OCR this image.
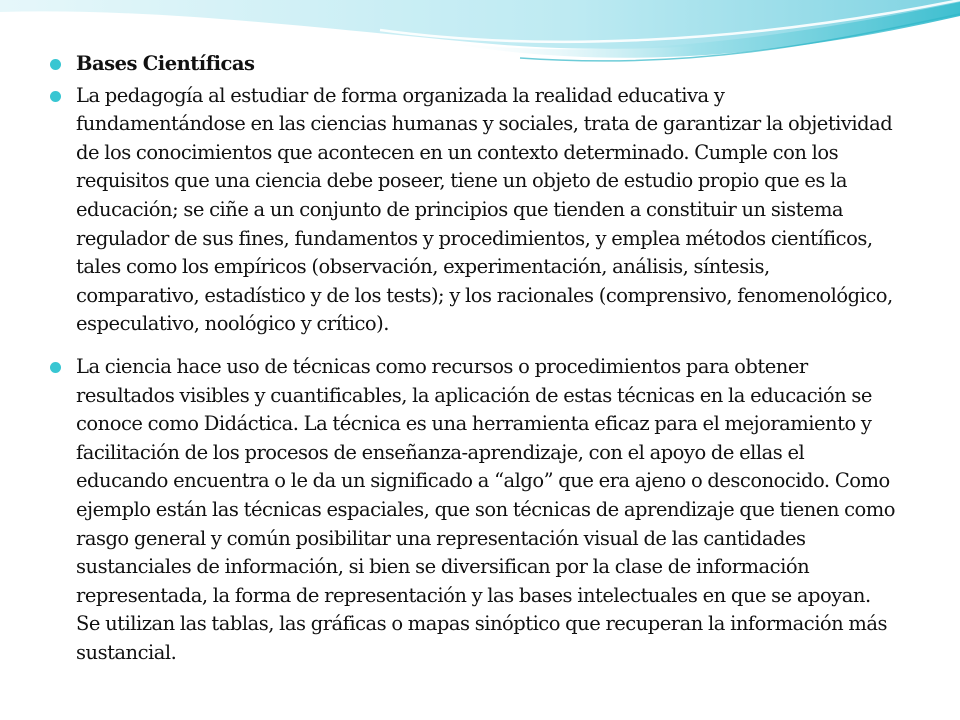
Bases Científicas
La pedagogía al estudiar de forma organizada la realidad educativa y fundamentándose en las ciencias humanas y sociales, trata de garantizar la objetividad de los conocimientos que acontecen en un contexto determinado. Cumple con los requisitos que una ciencia debe poseer, tiene un objeto de estudio propio que es la educación; se ciñe a un conjunto de principios que tienden a constituir un sistema regulador de sus fines, fundamentos y procedimientos, y emplea métodos científicos, tales como los empíricos (observación, experimentación, análisis, síntesis, comparativo, estadístico y de los tests); y los racionales (comprensivo, fenomenológico, especulativo, noológico y crítico).
La ciencia hace uso de técnicas como recursos o procedimientos para obtener resultados visibles y cuantificables, la aplicación de estas técnicas en la educación se conoce como Didáctica. La técnica es una herramienta eficaz para el mejoramiento y facilitación de los procesos de enseñanza-aprendizaje, con el apoyo de ellas el educando encuentra o le da un significado a “algo” que era ajeno o desconocido. Como ejemplo están las técnicas espaciales, que son técnicas de aprendizaje que tienen como rasgo general y común posibilitar una representación visual de las cantidades sustanciales de información, si bien se diversifican por la clase de información representada, la forma de representación y las bases intelectuales en que se apoyan. Se utilizan las tablas, las gráficas o mapas sinóptico que recuperan la información más sustancial.
